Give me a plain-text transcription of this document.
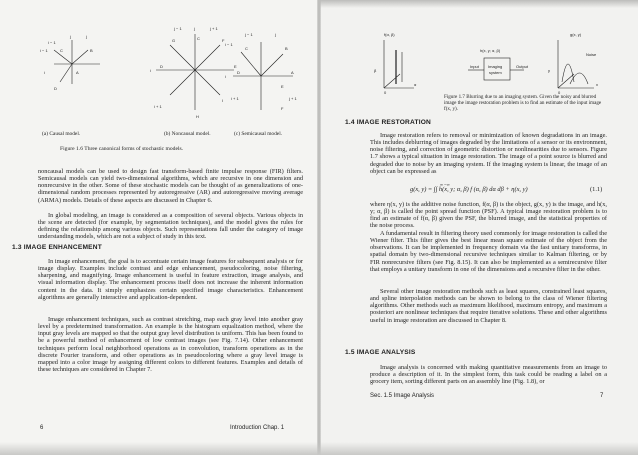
i − 1
j
i − 1
j
C	B
A
i
D
(a) Causal model.
j − 1	j	j + 1
G	C	F
i
D	E
i + 1
H
I
(b) Noncausal model.
j − 1	j
i − 1
C
i
D	A
B
E
i + 1
F
j + 1
(c) Semicausal model.
Figure 1.6 Three canonical forms of stochastic models.

noncausal models can be used to design fast transform-based finite impulse response (FIR) filters. Semicausal models can yield two-dimensional algorithms, which are recursive in one dimension and nonrecursive in the other. Some of these stochastic models can be thought of as generalizations of one-dimensional random processes represented by autoregressive (AR) and autoregressive moving average (ARMA) models. Details of these aspects are discussed in Chapter 6.

In global modeling, an image is considered as a composition of several objects. Various objects in the scene are detected (for example, by segmentation techniques), and the model gives the rules for defining the relationship among various objects. Such representations fall under the category of image understanding models, which are not a subject of study in this text.

1.3 IMAGE ENHANCEMENT

In image enhancement, the goal is to accentuate certain image features for subsequent analysis or for image display. Examples include contrast and edge enhancement, pseudocoloring, noise filtering, sharpening, and magnifying. Image enhancement is useful in feature extraction, image analysis, and visual information display. The enhancement process itself does not increase the inherent information content in the data. It simply emphasizes certain specified image characteristics. Enhancement algorithms are generally interactive and application-dependent.

Image enhancement techniques, such as contrast stretching, map each gray level into another gray level by a predetermined transformation. An example is the histogram equalization method, where the input gray levels are mapped so that the output gray level distribution is uniform. This has been found to be a powerful method of enhancement of low contrast images (see Fig. 7.14). Other enhancement techniques perform local neighborhood operations as in convolution, transform operations as in the discrete Fourier transform, and other operations as in pseudocoloring where a gray level image is mapped into a color image by assigning different colors to different features. Examples and details of these techniques are considered in Chapter 7.

6	Introduction Chap. 1
f(α, β)	g(x, y)
h(x, y; α, β)
Imaging
system
Input	Output
Noise
β
α
y
x
0	0
Figure 1.7 Blurring due to an imaging system. Given the noisy and blurred image the image restoration problem is to find an estimate of the input image f(x, y).
1.4 IMAGE RESTORATION

Image restoration refers to removal or minimization of known degradations in an image. This includes deblurring of images degraded by the limitations of a sensor or its environment, noise filtering, and correction of geometric distortion or nonlinearities due to sensors. Figure 1.7 shows a typical situation in image restoration. The image of a point source is blurred and degraded due to noise by an imaging system. If the imaging system is linear, the image of an object can be expressed as

g(x, y) = ∫∫ h(x, y; α, β) f (α, β) dα dβ + η(x, y)
∞ −∞
(1.1)

where η(x, y) is the additive noise function, f(α, β) is the object, g(x, y) is the image, and h(x, y; α, β) is called the point spread function (PSF). A typical image restoration problem is to find an estimate of f(α, β) given the PSF, the blurred image, and the statistical properties of the noise process.

A fundamental result in filtering theory used commonly for image restoration is called the Wiener filter. This filter gives the best linear mean square estimate of the object from the observations. It can be implemented in frequency domain via the fast unitary transforms, in spatial domain by two-dimensional recursive techniques similar to Kalman filtering, or by FIR nonrecursive filters (see Fig. 8.15). It can also be implemented as a semirecursive filter that employs a unitary transform in one of the dimensions and a recursive filter in the other.

Several other image restoration methods such as least squares, constrained least squares, and spline interpolation methods can be shown to belong to the class of Wiener filtering algorithms. Other methods such as maximum likelihood, maximum entropy, and maximum a posteriori are nonlinear techniques that require iterative solutions. These and other algorithms useful in image restoration are discussed in Chapter 8.

1.5 IMAGE ANALYSIS

Image analysis is concerned with making quantitative measurements from an image to produce a description of it. In the simplest form, this task could be reading a label on a grocery item, sorting different parts on an assembly line (Fig. 1.8), or

Sec. 1.5 Image Analysis	7
